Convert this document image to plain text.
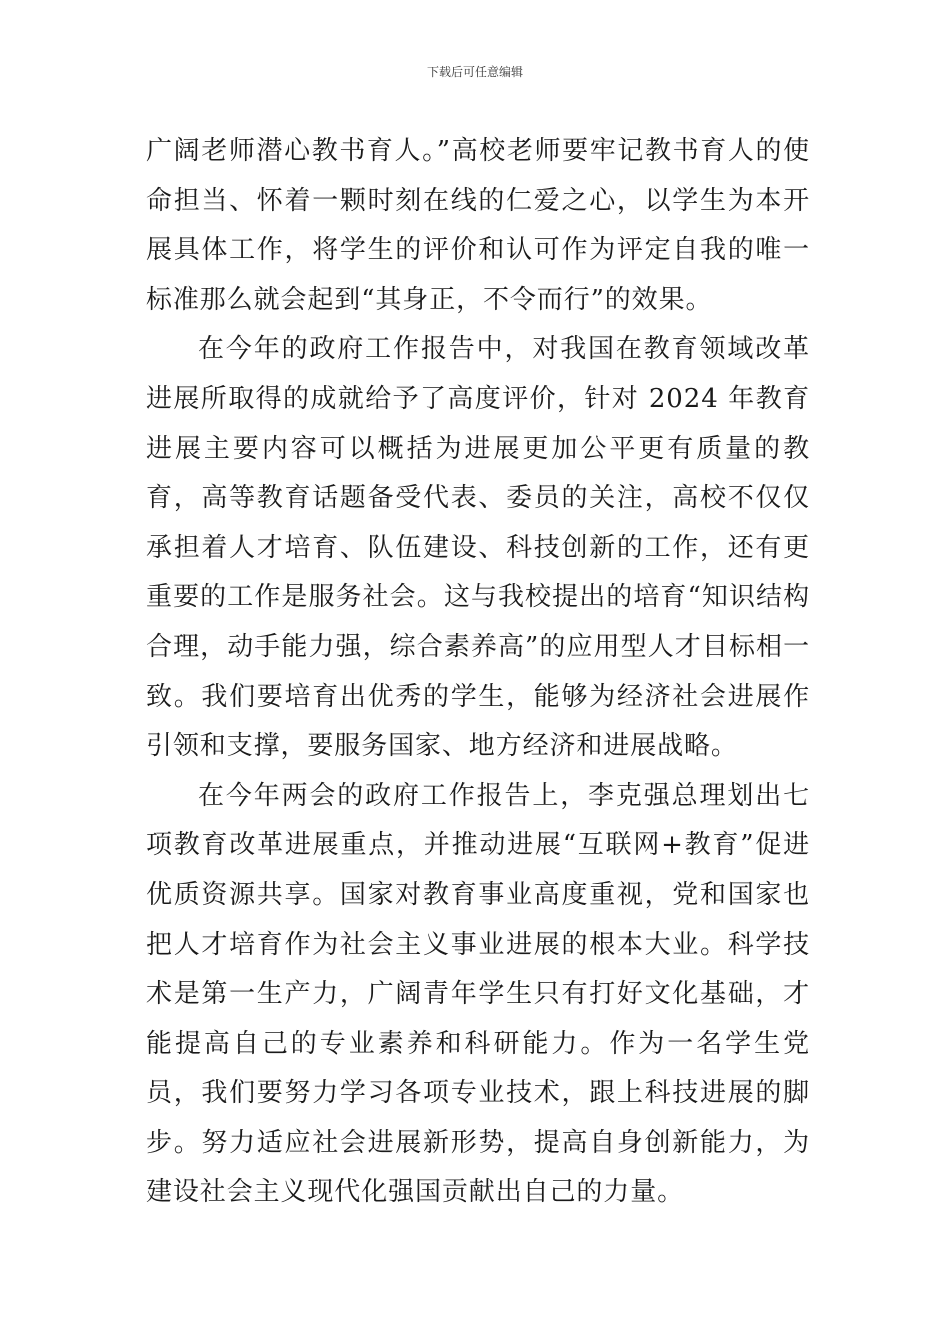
下载后可任意编辑

广阔老师潜心教书育人。”高校老师要牢记教书育人的使命担当、怀着一颗时刻在线的仁爱之心，以学生为本开展具体工作，将学生的评价和认可作为评定自我的唯一标准那么就会起到“其身正，不令而行”的效果。

在今年的政府工作报告中，对我国在教育领域改革进展所取得的成就给予了高度评价，针对 2024 年教育进展主要内容可以概括为进展更加公平更有质量的教育，高等教育话题备受代表、委员的关注，高校不仅仅承担着人才培育、队伍建设、科技创新的工作，还有更重要的工作是服务社会。这与我校提出的培育“知识结构合理，动手能力强，综合素养高”的应用型人才目标相一致。我们要培育出优秀的学生，能够为经济社会进展作引领和支撑，要服务国家、地方经济和进展战略。

在今年两会的政府工作报告上，李克强总理划出七项教育改革进展重点，并推动进展“互联网+教育”促进优质资源共享。国家对教育事业高度重视，党和国家也把人才培育作为社会主义事业进展的根本大业。科学技术是第一生产力，广阔青年学生只有打好文化基础，才能提高自己的专业素养和科研能力。作为一名学生党员，我们要努力学习各项专业技术，跟上科技进展的脚步。努力适应社会进展新形势，提高自身创新能力，为建设社会主义现代化强国贡献出自己的力量。
